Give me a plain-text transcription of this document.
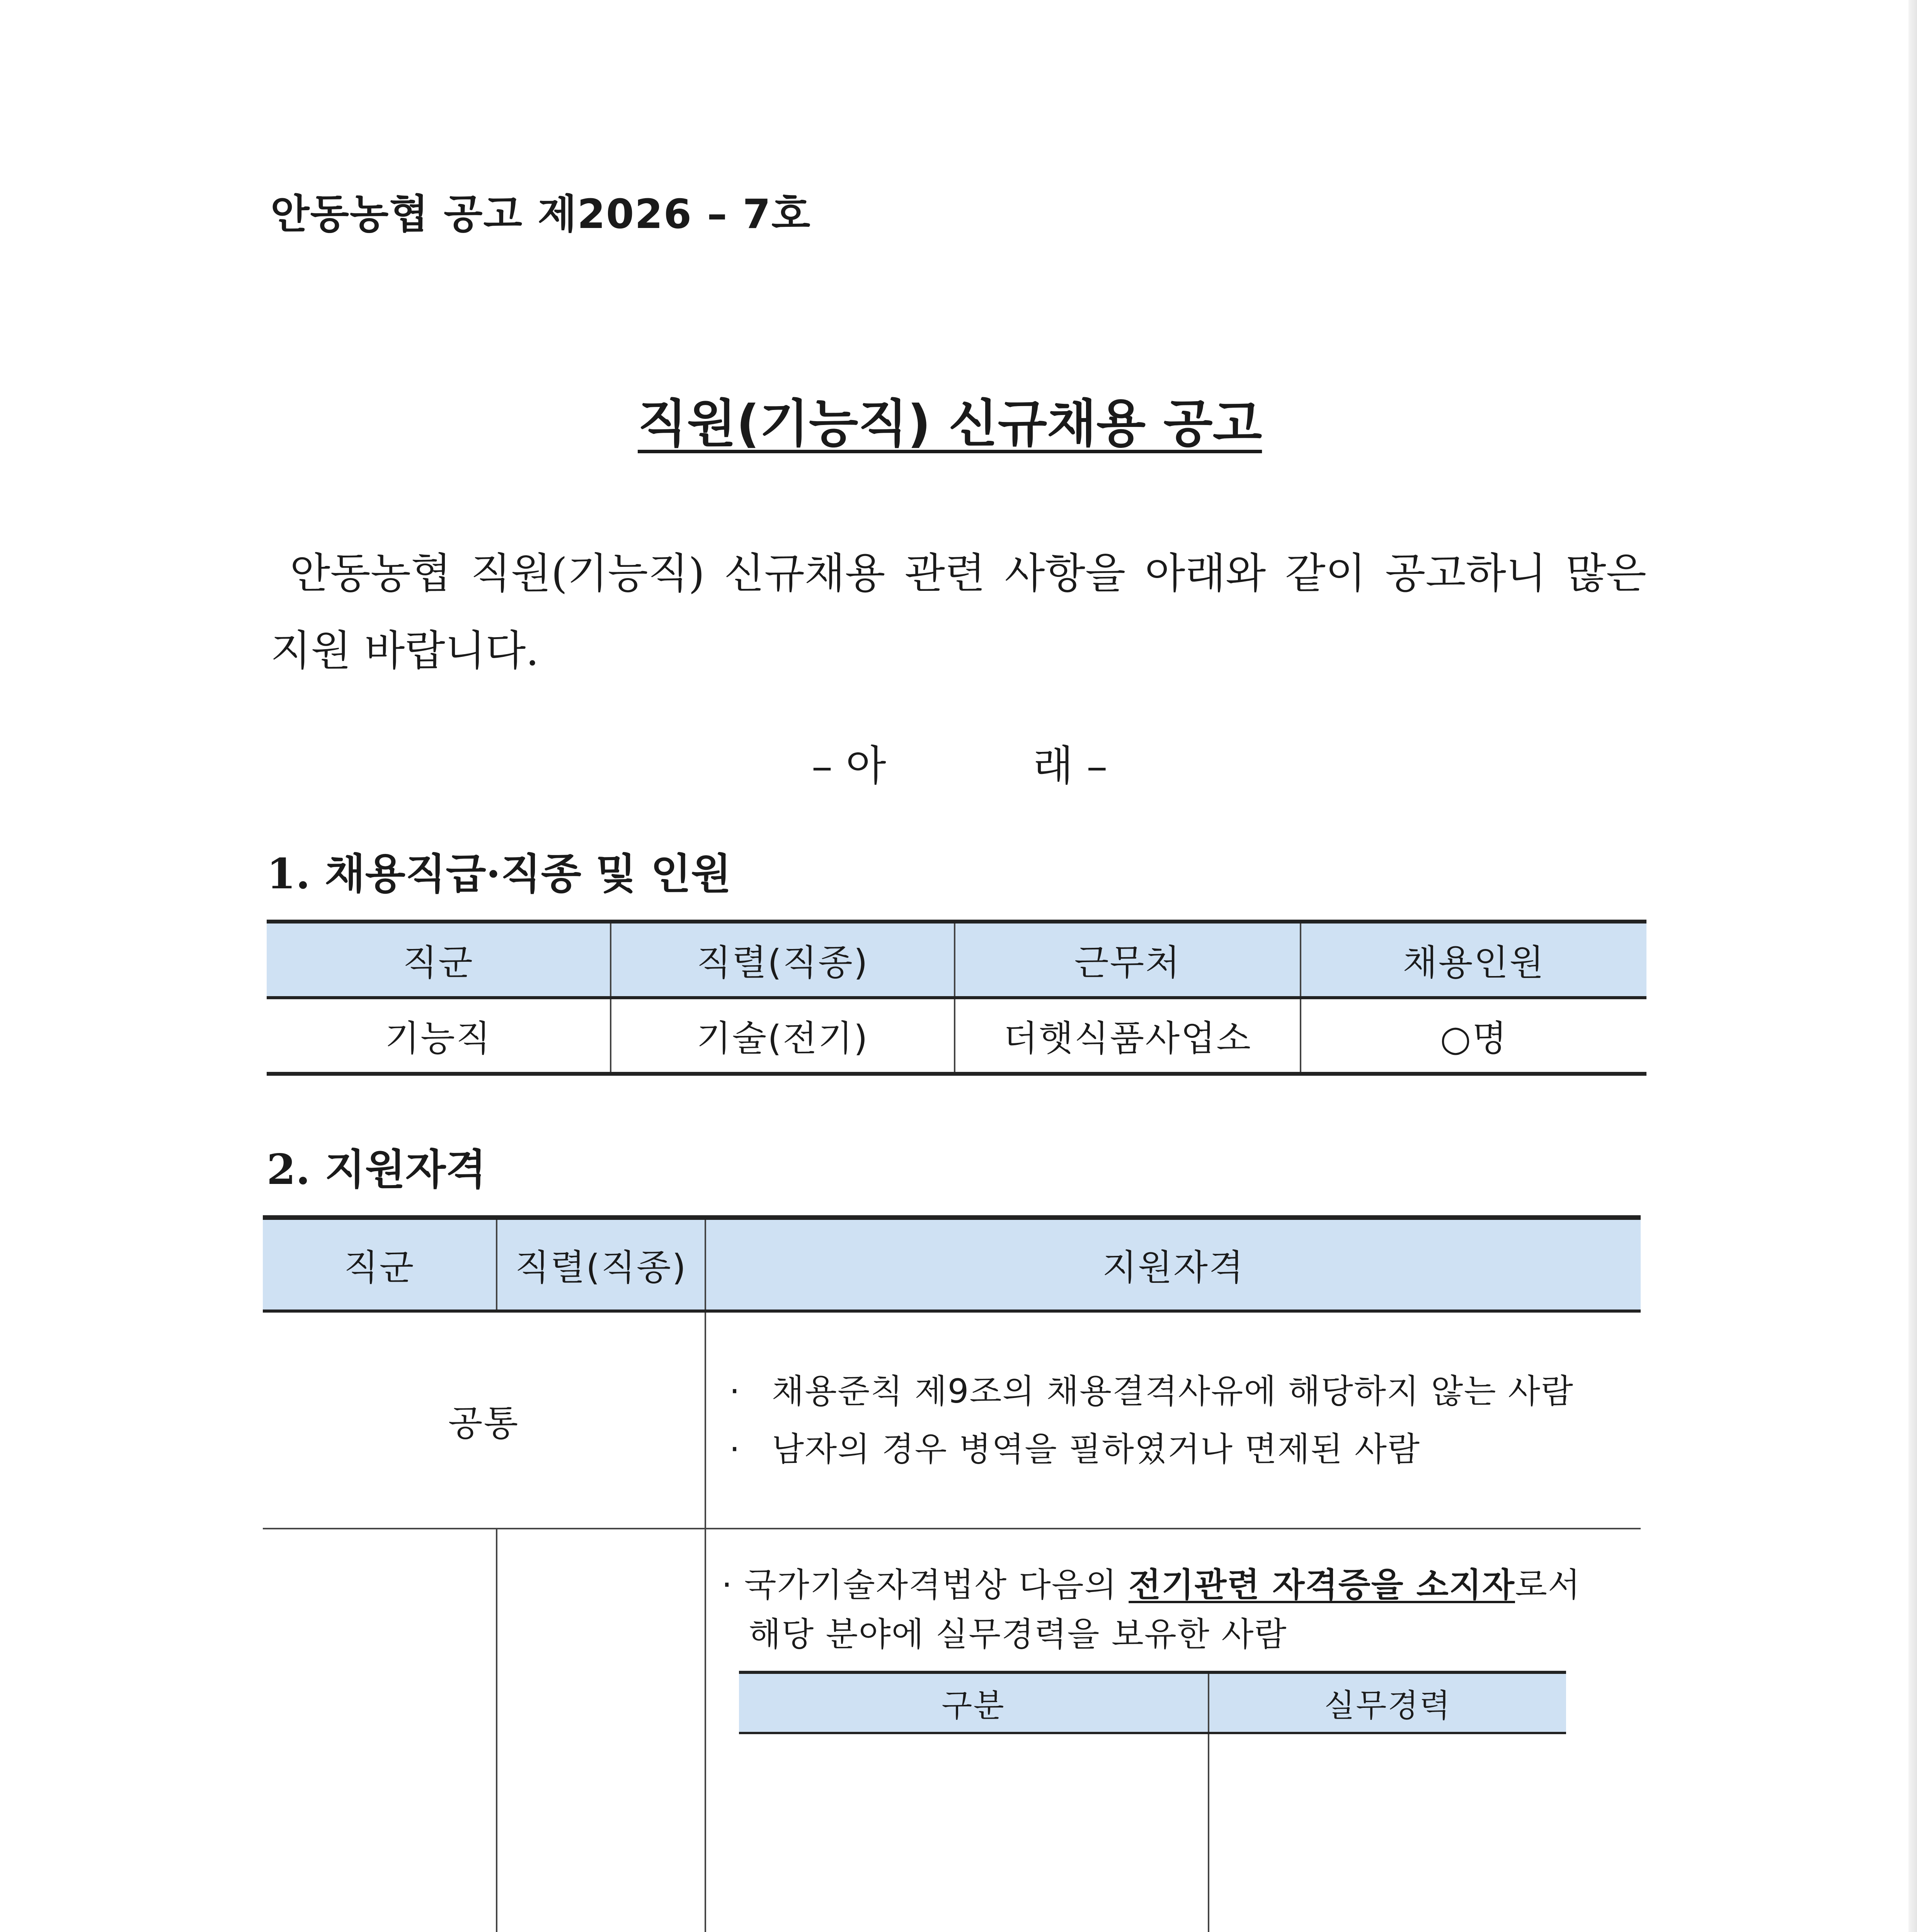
안동농협 공고 제2026 – 7호
직원(기능직) 신규채용 공고
안동농협 직원(기능직) 신규채용 관련 사항을 아래와 같이 공고하니 많은 지원 바랍니다.
– 아	래 –
1. 채용직급·직종 및 인원
직군	직렬(직종)	근무처	채용인원
기능직	기술(전기)	더햇식품사업소	○명
2. 지원자격
직군	직렬(직종)	지원자격
공통	
· 채용준칙 제9조의 채용결격사유에 해당하지 않는 사람
· 남자의 경우 병역을 필하였거나 면제된 사람

· 국가기술자격법상 다음의 전기관련 자격증을 소지자로서
해당 분야에 실무경력을 보유한 사람
구분	실무경력
